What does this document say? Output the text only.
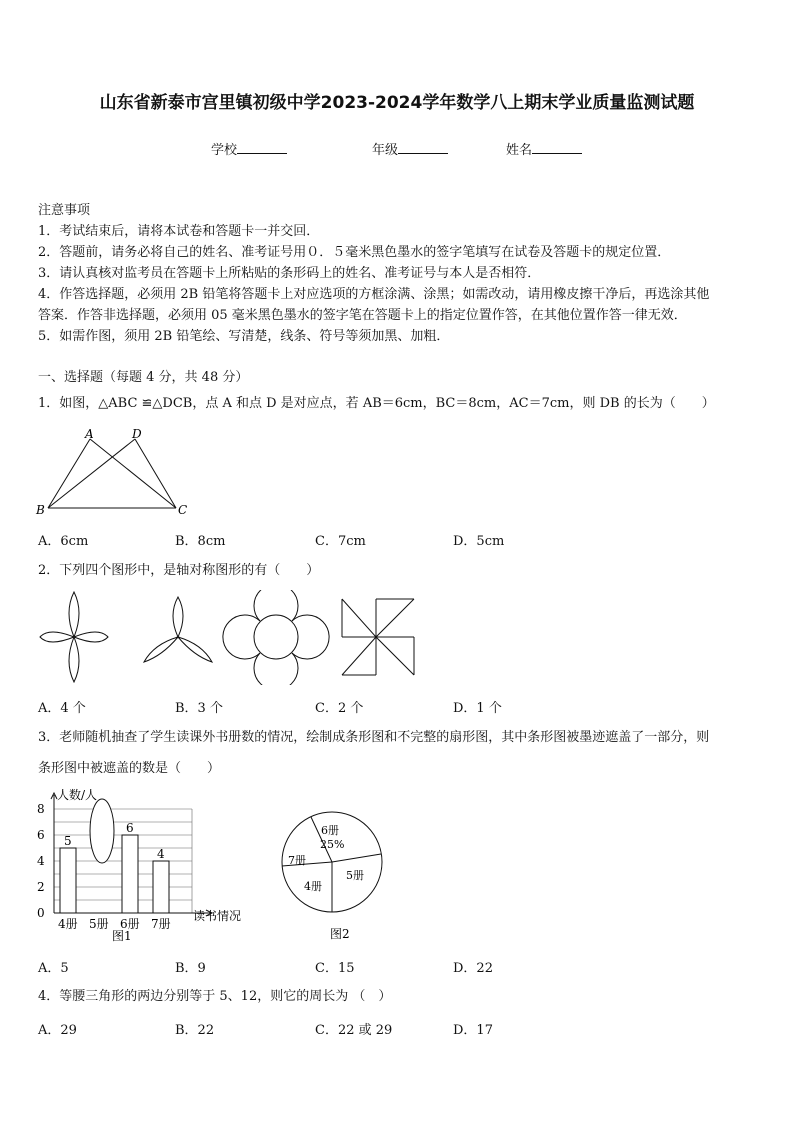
山东省新泰市宫里镇初级中学2023-2024学年数学八上期末学业质量监测试题
学校	年级	姓名
注意事项
1．考试结束后，请将本试卷和答题卡一并交回．
2．答题前，请务必将自己的姓名、准考证号用０．５毫米黑色墨水的签字笔填写在试卷及答题卡的规定位置．
3．请认真核对监考员在答题卡上所粘贴的条形码上的姓名、准考证号与本人是否相符．
4．作答选择题，必须用 2B 铅笔将答题卡上对应选项的方框涂满、涂黑；如需改动，请用橡皮擦干净后，再选涂其他
答案．作答非选择题，必须用 05 毫米黑色墨水的签字笔在答题卡上的指定位置作答，在其他位置作答一律无效．
5．如需作图，须用 2B 铅笔绘、写清楚，线条、符号等须加黑、加粗．
一、选择题（每题 4 分，共 48 分）
1．如图，△ABC ≌△DCB，点 A 和点 D 是对应点，若 AB＝6cm，BC＝8cm，AC＝7cm，则 DB 的长为（　　）
A	D
B	C
A．6cm	B．8cm	C．7cm	D．5cm
2．下列四个图形中，是轴对称图形的有（　　）
A．4 个	B．3 个	C．2 个	D．1 个
3．老师随机抽查了学生读课外书册数的情况，绘制成条形图和不完整的扇形图，其中条形图被墨迹遮盖了一部分，则
条形图中被遮盖的数是（　　）
0
2
4
6
8
4册
5
5册 6册
6
7册
4
人数/人
读书情况
图1
6册
25%
7册
4册
5册
图2
A．5	B．9	C．15	D．22
4．等腰三角形的两边分别等于 5、12，则它的周长为 （　）
A．29	B．22	C．22 或 29	D．17
